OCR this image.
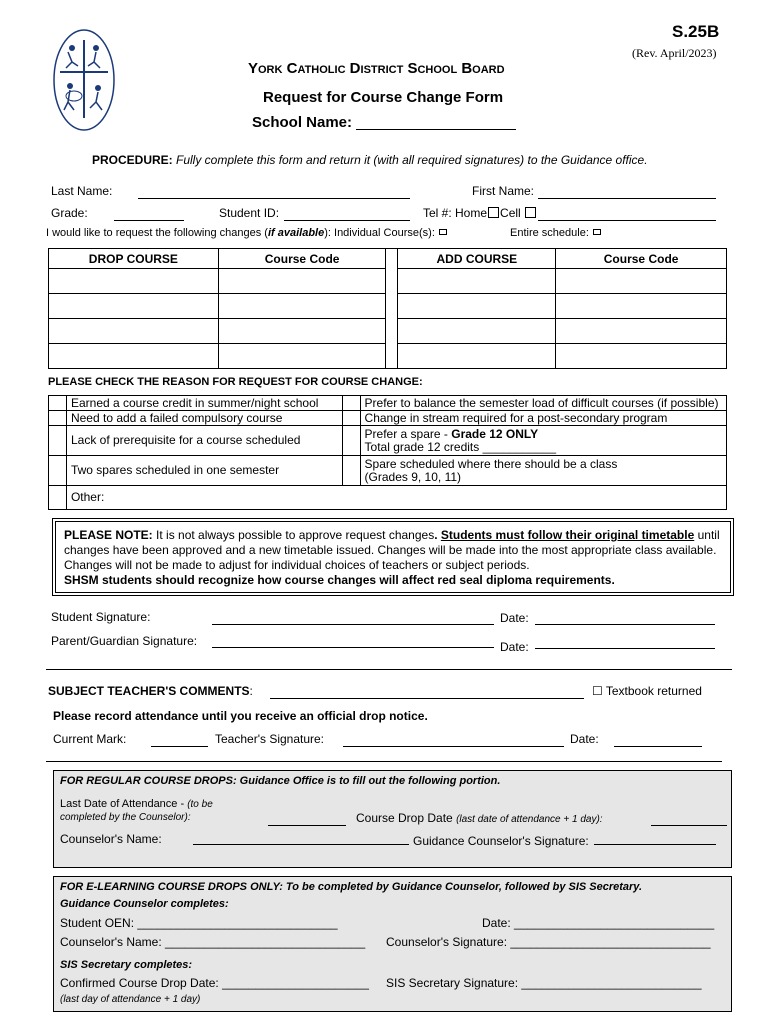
S.25B
(Rev. April/2023)
York Catholic District School Board
Request for Course Change Form
School Name:
PROCEDURE: Fully complete this form and return it (with all required signatures) to the Guidance office.
Last Name:	First Name:
Grade:	Student ID:	Tel #: Home Cell
I would like to request the following changes (if available): Individual Course(s):	Entire schedule:
DROP COURSE	Course Code		ADD COURSE	Course Code

PLEASE CHECK THE REASON FOR REQUEST FOR COURSE CHANGE:
	Earned a course credit in summer/night school		Prefer to balance the semester load of difficult courses (if possible)
	Need to add a failed compulsory course		Change in stream required for a post-secondary program
	Lack of prerequisite for a course scheduled		Prefer a spare - Grade 12 ONLY
Total grade 12 credits ___________
	Two spares scheduled in one semester		Spare scheduled where there should be a class
(Grades 9, 10, 11)
	Other:		
PLEASE NOTE: It is not always possible to approve request changes. Students must follow their original timetable until changes have been approved and a new timetable issued. Changes will be made into the most appropriate class available. Changes will not be made to adjust for individual choices of teachers or subject periods.
SHSM students should recognize how course changes will affect red seal diploma requirements.
Student Signature:	Date:
Parent/Guardian Signature:	Date:
SUBJECT TEACHER'S COMMENTS:	☐ Textbook returned
Please record attendance until you receive an official drop notice.
Current Mark:	Teacher's Signature:	Date:
FOR REGULAR COURSE DROPS: Guidance Office is to fill out the following portion.
Last Date of Attendance - (to be
completed by the Counselor):	Course Drop Date (last date of attendance + 1 day):
Counselor's Name:	Guidance Counselor's Signature:
FOR E-LEARNING COURSE DROPS ONLY: To be completed by Guidance Counselor, followed by SIS Secretary.
Guidance Counselor completes:
Student OEN: ______________________________	Date: ______________________________
Counselor's Name: ______________________________ Counselor's Signature: ______________________________
SIS Secretary completes:
Confirmed Course Drop Date: ______________________ SIS Secretary Signature: ___________________________
(last day of attendance + 1 day)
